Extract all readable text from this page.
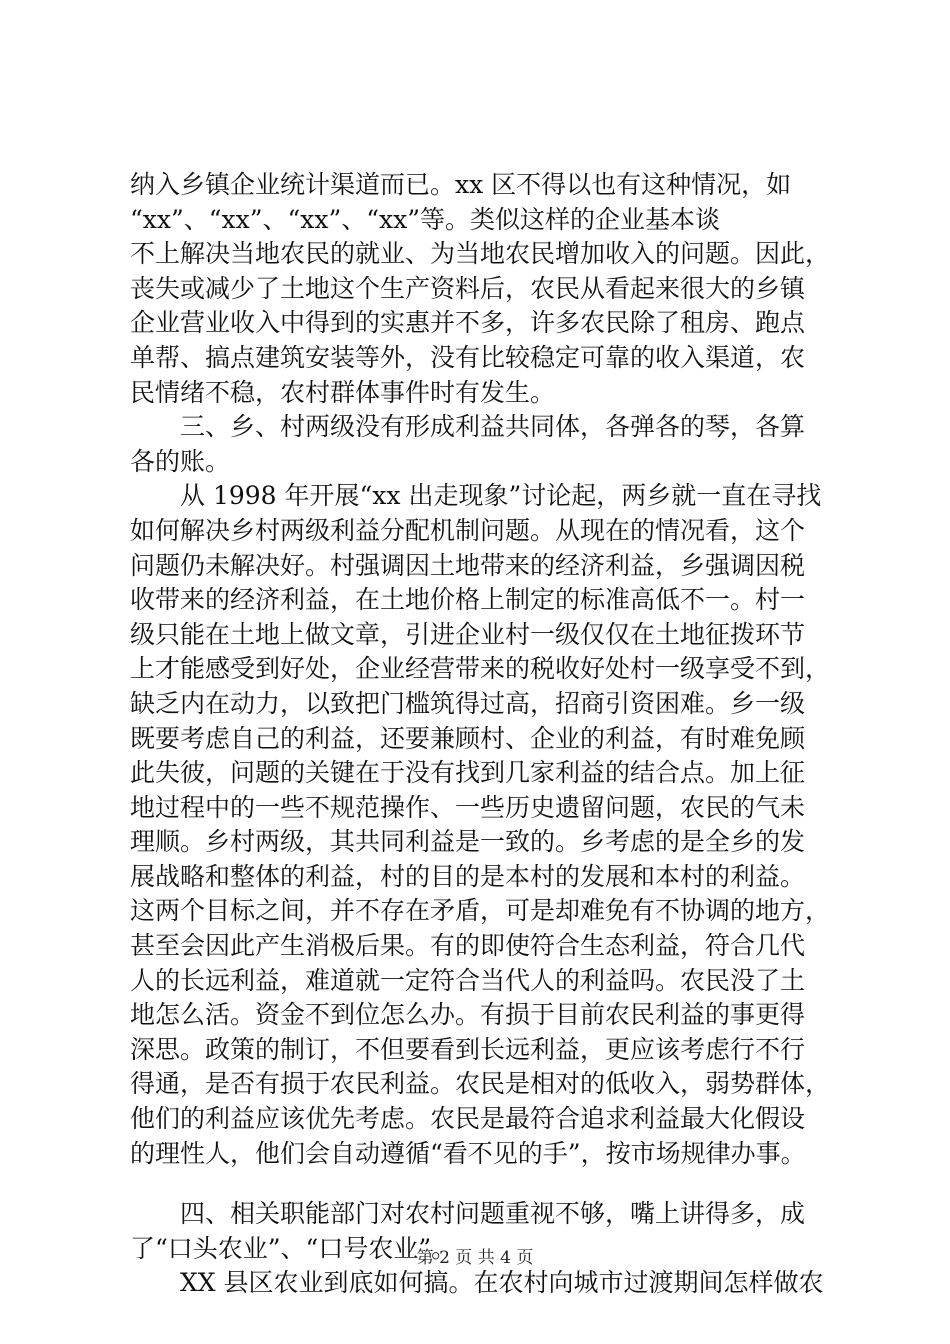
纳入乡镇企业统计渠道而已。xx 区不得以也有这种情况，如
“xx”、“xx”、“xx”、“xx”等。类似这样的企业基本谈
不上解决当地农民的就业、为当地农民增加收入的问题。因此，
丧失或减少了土地这个生产资料后，农民从看起来很大的乡镇
企业营业收入中得到的实惠并不多，许多农民除了租房、跑点
单帮、搞点建筑安装等外，没有比较稳定可靠的收入渠道，农
民情绪不稳，农村群体事件时有发生。
三、乡、村两级没有形成利益共同体，各弹各的琴，各算
各的账。
从 1998 年开展“xx 出走现象”讨论起，两乡就一直在寻找
如何解决乡村两级利益分配机制问题。从现在的情况看，这个
问题仍未解决好。村强调因土地带来的经济利益，乡强调因税
收带来的经济利益，在土地价格上制定的标准高低不一。村一
级只能在土地上做文章，引进企业村一级仅仅在土地征拨环节
上才能感受到好处，企业经营带来的税收好处村一级享受不到，
缺乏内在动力，以致把门槛筑得过高，招商引资困难。乡一级
既要考虑自己的利益，还要兼顾村、企业的利益，有时难免顾
此失彼，问题的关键在于没有找到几家利益的结合点。加上征
地过程中的一些不规范操作、一些历史遗留问题，农民的气未
理顺。乡村两级，其共同利益是一致的。乡考虑的是全乡的发
展战略和整体的利益，村的目的是本村的发展和本村的利益。
这两个目标之间，并不存在矛盾，可是却难免有不协调的地方，
甚至会因此产生消极后果。有的即使符合生态利益，符合几代
人的长远利益，难道就一定符合当代人的利益吗。农民没了土
地怎么活。资金不到位怎么办。有损于目前农民利益的事更得
深思。政策的制订，不但要看到长远利益，更应该考虑行不行
得通，是否有损于农民利益。农民是相对的低收入，弱势群体，
他们的利益应该优先考虑。农民是最符合追求利益最大化假设
的理性人，他们会自动遵循“看不见的手”，按市场规律办事。
四、相关职能部门对农村问题重视不够，嘴上讲得多，成
了“口头农业”、“口号农业”。
XX 县区农业到底如何搞。在农村向城市过渡期间怎样做农
第 2 页 共 4 页
